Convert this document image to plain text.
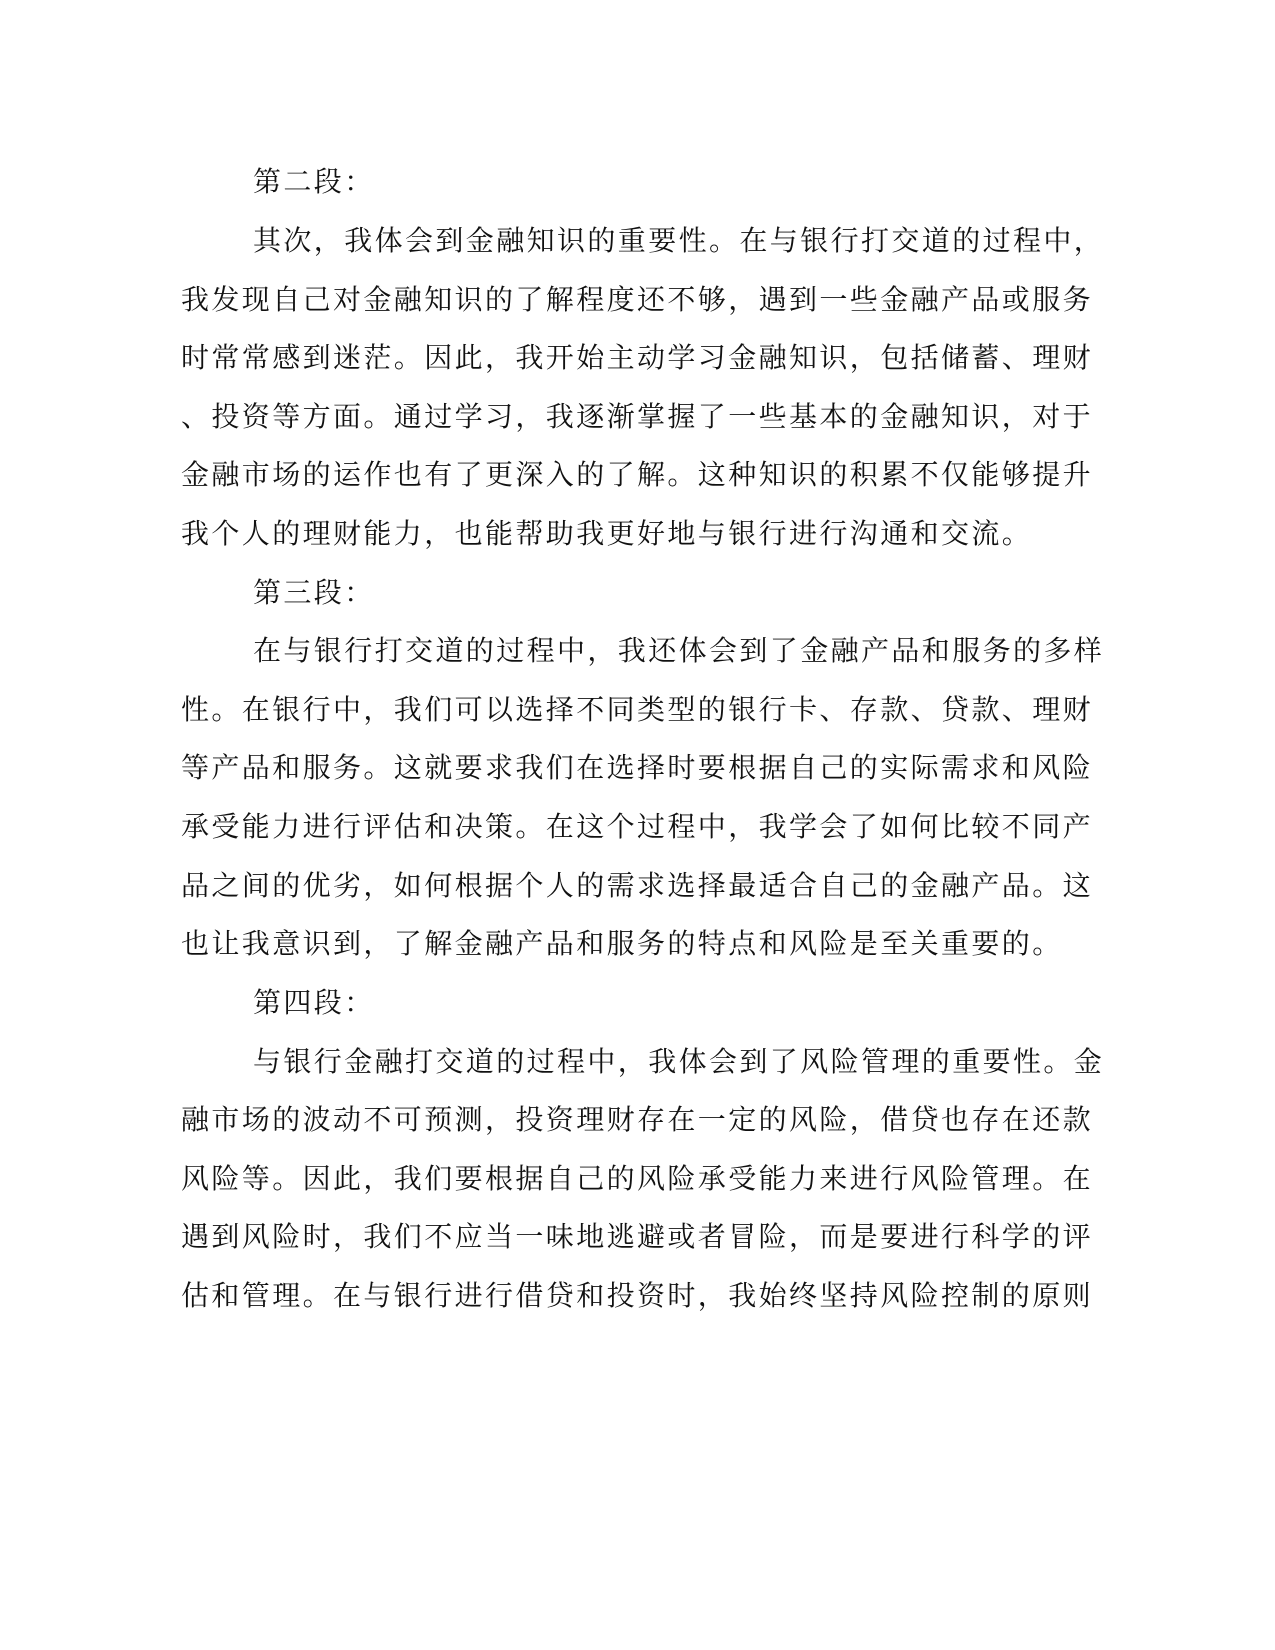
第二段：
其次，我体会到金融知识的重要性。在与银行打交道的过程中，
我发现自己对金融知识的了解程度还不够，遇到一些金融产品或服务
时常常感到迷茫。因此，我开始主动学习金融知识，包括储蓄、理财
、投资等方面。通过学习，我逐渐掌握了一些基本的金融知识，对于
金融市场的运作也有了更深入的了解。这种知识的积累不仅能够提升
我个人的理财能力，也能帮助我更好地与银行进行沟通和交流。
第三段：
在与银行打交道的过程中，我还体会到了金融产品和服务的多样
性。在银行中，我们可以选择不同类型的银行卡、存款、贷款、理财
等产品和服务。这就要求我们在选择时要根据自己的实际需求和风险
承受能力进行评估和决策。在这个过程中，我学会了如何比较不同产
品之间的优劣，如何根据个人的需求选择最适合自己的金融产品。这
也让我意识到，了解金融产品和服务的特点和风险是至关重要的。
第四段：
与银行金融打交道的过程中，我体会到了风险管理的重要性。金
融市场的波动不可预测，投资理财存在一定的风险，借贷也存在还款
风险等。因此，我们要根据自己的风险承受能力来进行风险管理。在
遇到风险时，我们不应当一味地逃避或者冒险，而是要进行科学的评
估和管理。在与银行进行借贷和投资时，我始终坚持风险控制的原则
